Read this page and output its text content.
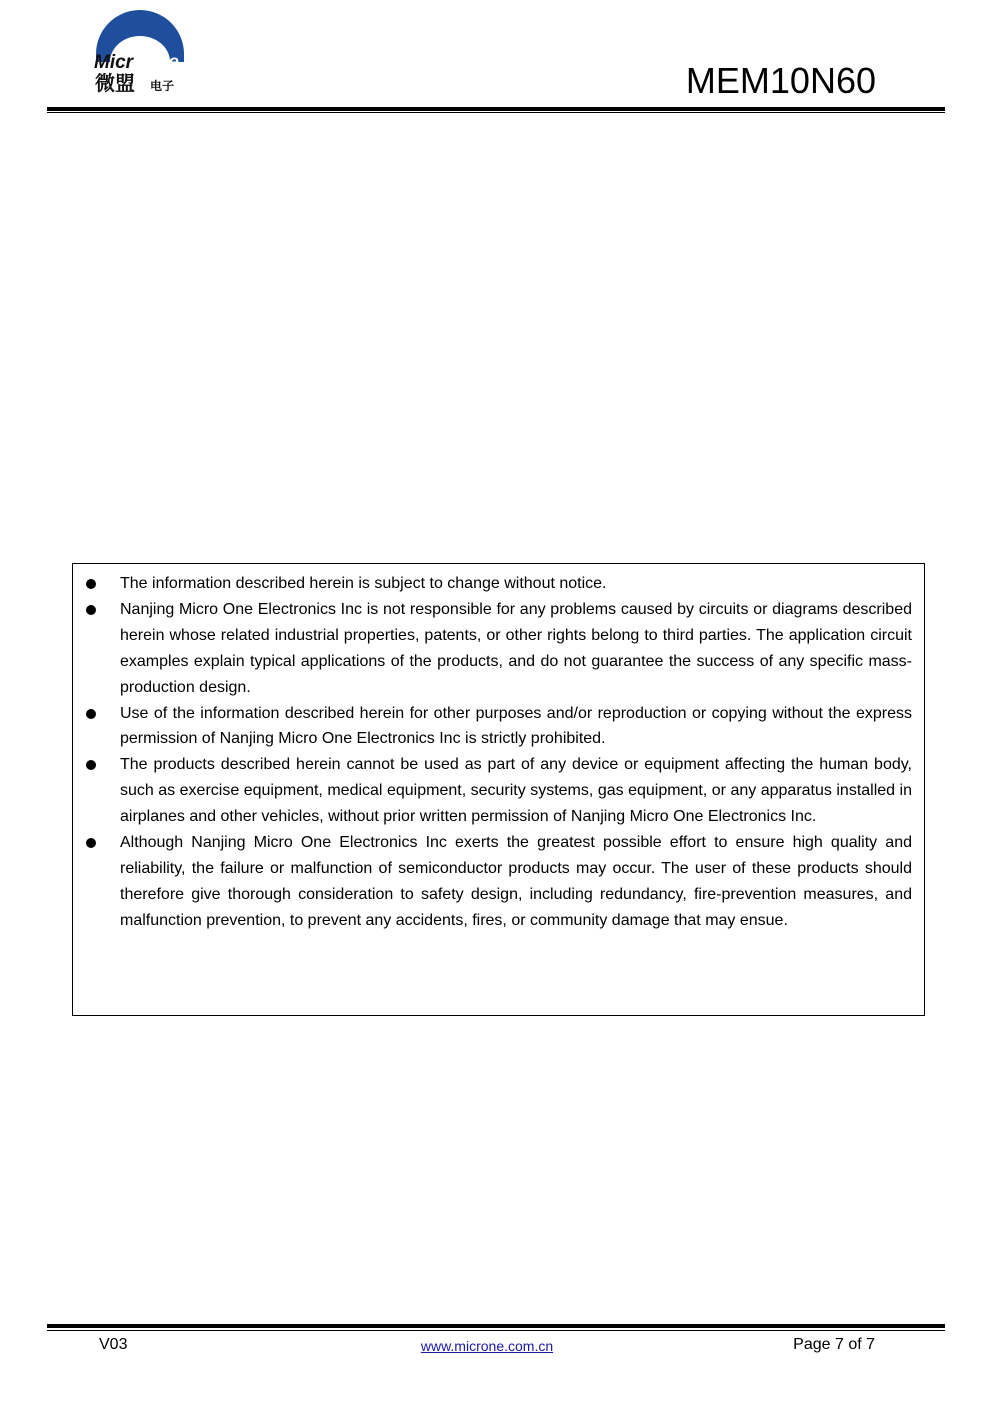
Micr One
微盟 电子	MEM10N60
The information described herein is subject to change without notice.
Nanjing Micro One Electronics Inc is not responsible for any problems caused by circuits or diagrams described herein whose related industrial properties, patents, or other rights belong to third parties. The application circuit examples explain typical applications of the products, and do not guarantee the success of any specific mass-production design.
Use of the information described herein for other purposes and/or reproduction or copying without the express permission of Nanjing Micro One Electronics Inc is strictly prohibited.
The products described herein cannot be used as part of any device or equipment affecting the human body, such as exercise equipment, medical equipment, security systems, gas equipment, or any apparatus installed in airplanes and other vehicles, without prior written permission of Nanjing Micro One Electronics Inc.
Although Nanjing Micro One Electronics Inc exerts the greatest possible effort to ensure high quality and reliability, the failure or malfunction of semiconductor products may occur. The user of these products should therefore give thorough consideration to safety design, including redundancy, fire-prevention measures, and malfunction prevention, to prevent any accidents, fires, or community damage that may ensue.
V03	www.microne.com.cn	Page 7 of 7
